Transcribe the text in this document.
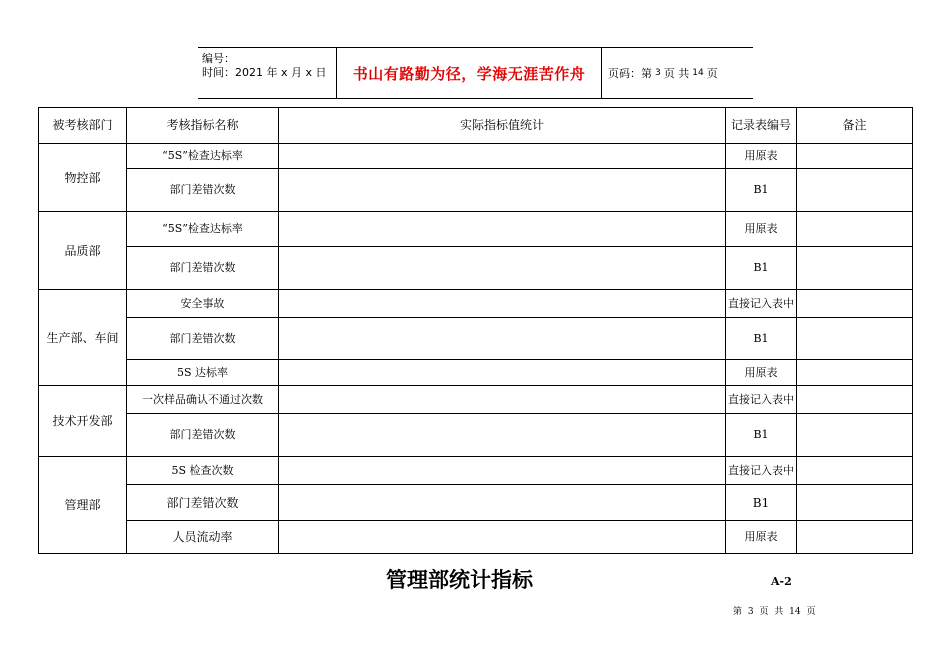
编号：
时间：2021 年 x 月 x 日	书山有路勤为径，学海无涯苦作舟	页码：第 3 页 共 14 页
被考核部门	考核指标名称	实际指标值统计	记录表编号	备注
物控部	“5S”检查达标率		用原表	
	部门差错次数		B1	
品质部	“5S”检查达标率		用原表	
	部门差错次数		B1	
生产部、车间	安全事故		直接记入表中	
	部门差错次数		B1	
	5S 达标率		用原表	
技术开发部	一次样品确认不通过次数		直接记入表中	
	部门差错次数		B1	
管理部	5S 检查次数		直接记入表中	
	部门差错次数		B1	
	人员流动率		用原表	
管理部统计指标	A-2
第 3 页 共 14 页
